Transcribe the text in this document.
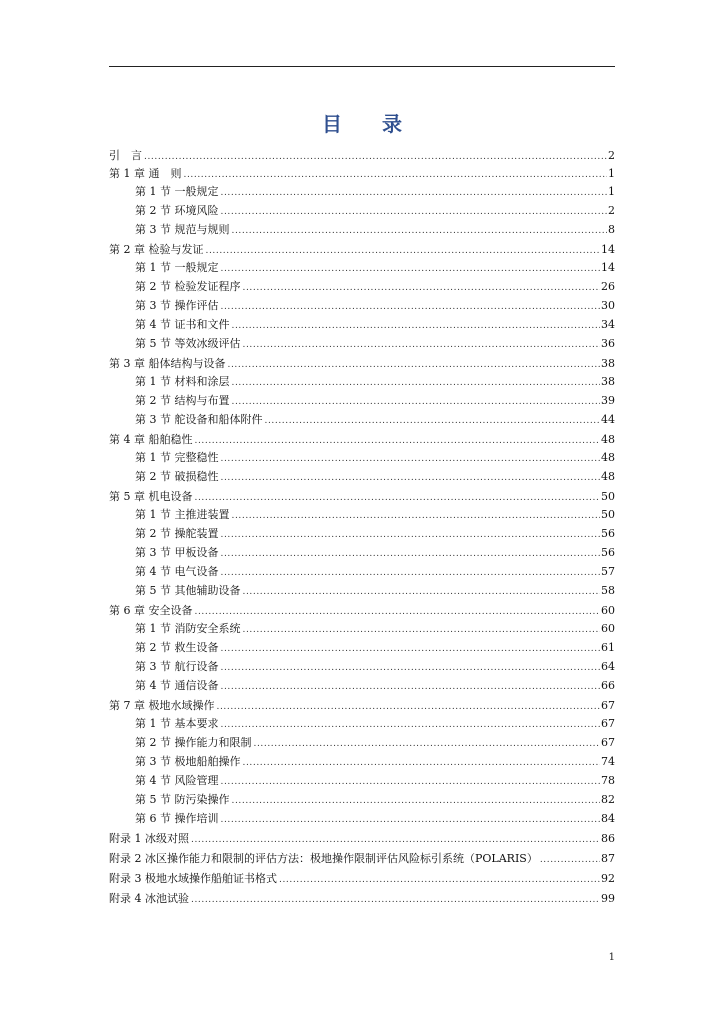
目 录
引　言 .....	2
第 1 章 通　则 .....	1
第 1 节 一般规定 .....	1
第 2 节 环境风险 .....	2
第 3 节 规范与规则 .....	8
第 2 章 检验与发证 .....	14
第 1 节 一般规定 .....	14
第 2 节 检验发证程序 .....	26
第 3 节 操作评估 .....	30
第 4 节 证书和文件 .....	34
第 5 节 等效冰级评估 .....	36
第 3 章 船体结构与设备 .....	38
第 1 节 材料和涂层 .....	38
第 2 节 结构与布置 .....	39
第 3 节 舵设备和船体附件 .....	44
第 4 章 船舶稳性 .....	48
第 1 节 完整稳性 .....	48
第 2 节 破损稳性 .....	48
第 5 章 机电设备 .....	50
第 1 节 主推进装置 .....	50
第 2 节 操舵装置 .....	56
第 3 节 甲板设备 .....	56
第 4 节 电气设备 .....	57
第 5 节 其他辅助设备 .....	58
第 6 章 安全设备 .....	60
第 1 节 消防安全系统 .....	60
第 2 节 救生设备 .....	61
第 3 节 航行设备 .....	64
第 4 节 通信设备 .....	66
第 7 章 极地水域操作 .....	67
第 1 节 基本要求 .....	67
第 2 节 操作能力和限制 .....	67
第 3 节 极地船舶操作 .....	74
第 4 节 风险管理 .....	78
第 5 节 防污染操作 .....	82
第 6 节 操作培训 .....	84
附录 1 冰级对照 .....	86
附录 2 冰区操作能力和限制的评估方法：极地操作限制评估风险标引系统（POLARIS） .....	87
附录 3 极地水域操作船舶证书格式 .....	92
附录 4 冰池试验 .....	99
1
